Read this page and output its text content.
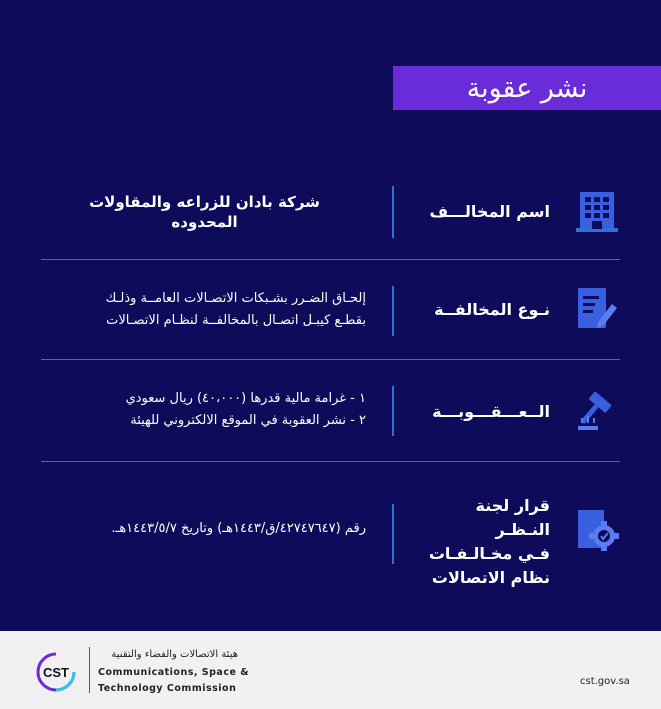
نشر عقوبة
اسم المخالـــف
شركة بادان للزراعه والمقاولات
المحدوده
نـوع المخالفــة
إلحـاق الضـرر بشـبكات الاتصـالات العامــة وذلـك
بقطـع كيبـل اتصـال بالمخالفــة لنظـام الاتصـالات
الــعـــقـــوبـــة
١ - غرامة مالية قدرها (٤٠،٠٠٠) ريال سعودي
٢ - نشر العقوبة في الموقع الالكتروني للهيئة
قرار لجنة النـظـر
فـي مخـالـفـات
نظام الاتصالات
رقم (٤٢٧٤٧٦٤٧/ق/١٤٤٣هـ) وتاريخ ١٤٤٣/٥/٧هـ.
CST
هيئة الاتصالات والفضاء والتقنية
Communications, Space &
Technology Commission
cst.gov.sa
